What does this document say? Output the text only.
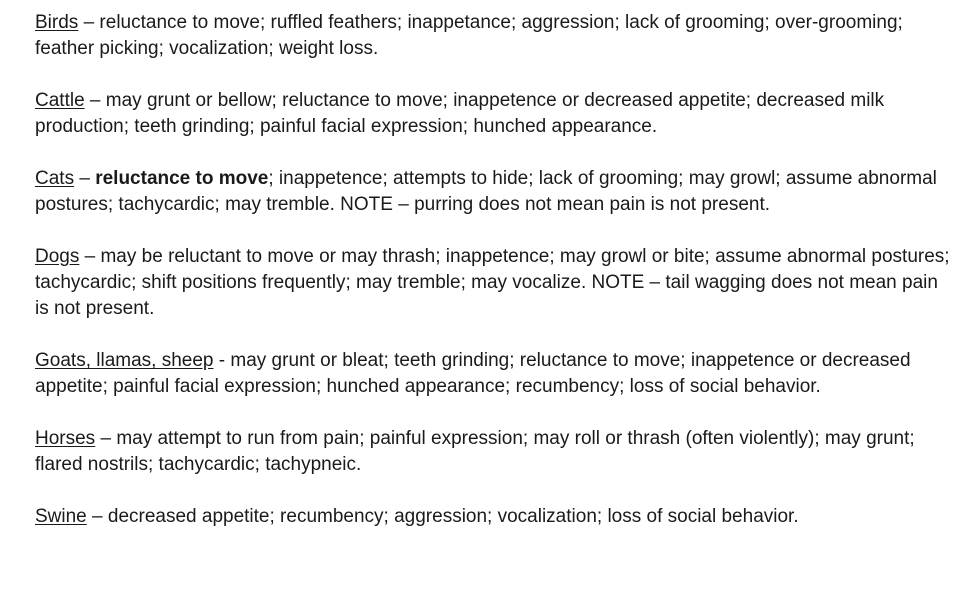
Birds – reluctance to move; ruffled feathers; inappetance; aggression; lack of grooming; over-grooming; feather picking; vocalization; weight loss.

Cattle – may grunt or bellow; reluctance to move; inappetence or decreased appetite; decreased milk production; teeth grinding; painful facial expression; hunched appearance.

Cats – reluctance to move; inappetence; attempts to hide; lack of grooming; may growl; assume abnormal postures; tachycardic; may tremble. NOTE – purring does not mean pain is not present.

Dogs – may be reluctant to move or may thrash; inappetence; may growl or bite; assume abnormal postures; tachycardic; shift positions frequently; may tremble; may vocalize. NOTE – tail wagging does not mean pain is not present.

Goats, llamas, sheep - may grunt or bleat; teeth grinding; reluctance to move; inappetence or decreased appetite; painful facial expression; hunched appearance; recumbency; loss of social behavior.

Horses – may attempt to run from pain; painful expression; may roll or thrash (often violently); may grunt; flared nostrils; tachycardic; tachypneic.

Swine – decreased appetite; recumbency; aggression; vocalization; loss of social behavior.
